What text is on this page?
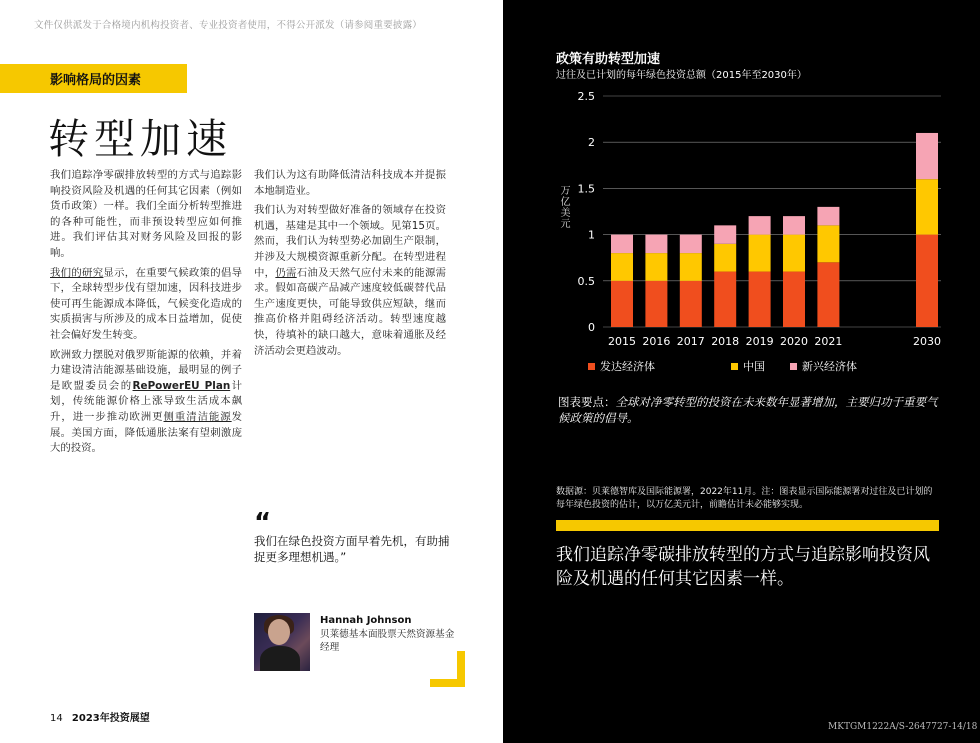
文件仅供派发于合格境内机构投资者、专业投资者使用，不得公开派发（请参阅重要披露）
影响格局的因素
转型加速

我们追踪净零碳排放转型的方式与追踪影响投资风险及机遇的任何其它因素（例如货币政策）一样。我们全面分析转型推进的各种可能性，而非预设转型应如何推进。我们评估其对财务风险及回报的影响。

我们的研究显示，在重要气候政策的倡导下，全球转型步伐有望加速，因科技进步使可再生能源成本降低，气候变化造成的实质损害与所涉及的成本日益增加，促使社会偏好发生转变。

欧洲致力摆脱对俄罗斯能源的依赖，并着力建设清洁能源基础设施，最明显的例子是欧盟委员会的RePowerEU Plan计划，传统能源价格上涨导致生活成本飙升，进一步推动欧洲更侧重清洁能源发展。美国方面，降低通胀法案有望刺激庞大的投资。

我们认为这有助降低清洁科技成本并提振本地制造业。

我们认为对转型做好准备的领域存在投资机遇，基建是其中一个领域。见第15页。然而，我们认为转型势必加剧生产限制，并涉及大规模资源重新分配。在转型进程中，仍需石油及天然气应付未来的能源需求。假如高碳产品减产速度较低碳替代品生产速度更快，可能导致供应短缺，继而推高价格并阻碍经济活动。转型速度越快，待填补的缺口越大，意味着通胀及经济活动会更趋波动。

“
我们在绿色投资方面早着先机，有助捕捉更多理想机遇。”
Hannah Johnson
贝莱德基本面股票天然资源基金经理
14 2023年投资展望
政策有助转型加速
过往及已计划的每年绿色投资总额（2015年至2030年）
万亿美元
0
0.5
1
1.5
2
2.5
2015 2016 2017 2018 2019 2020 2021	2030
发达经济体	中国	新兴经济体
图表要点：全球对净零转型的投资在未来数年显著增加，主要归功于重要气候政策的倡导。
数据源：贝莱德智库及国际能源署，2022年11月。注：图表显示国际能源署对过往及已计划的每年绿色投资的估计，以万亿美元计，前瞻估计未必能够实现。
我们追踪净零碳排放转型的方式与追踪影响投资风险及机遇的任何其它因素一样。
MKTGM1222A/S-2647727-14/18
